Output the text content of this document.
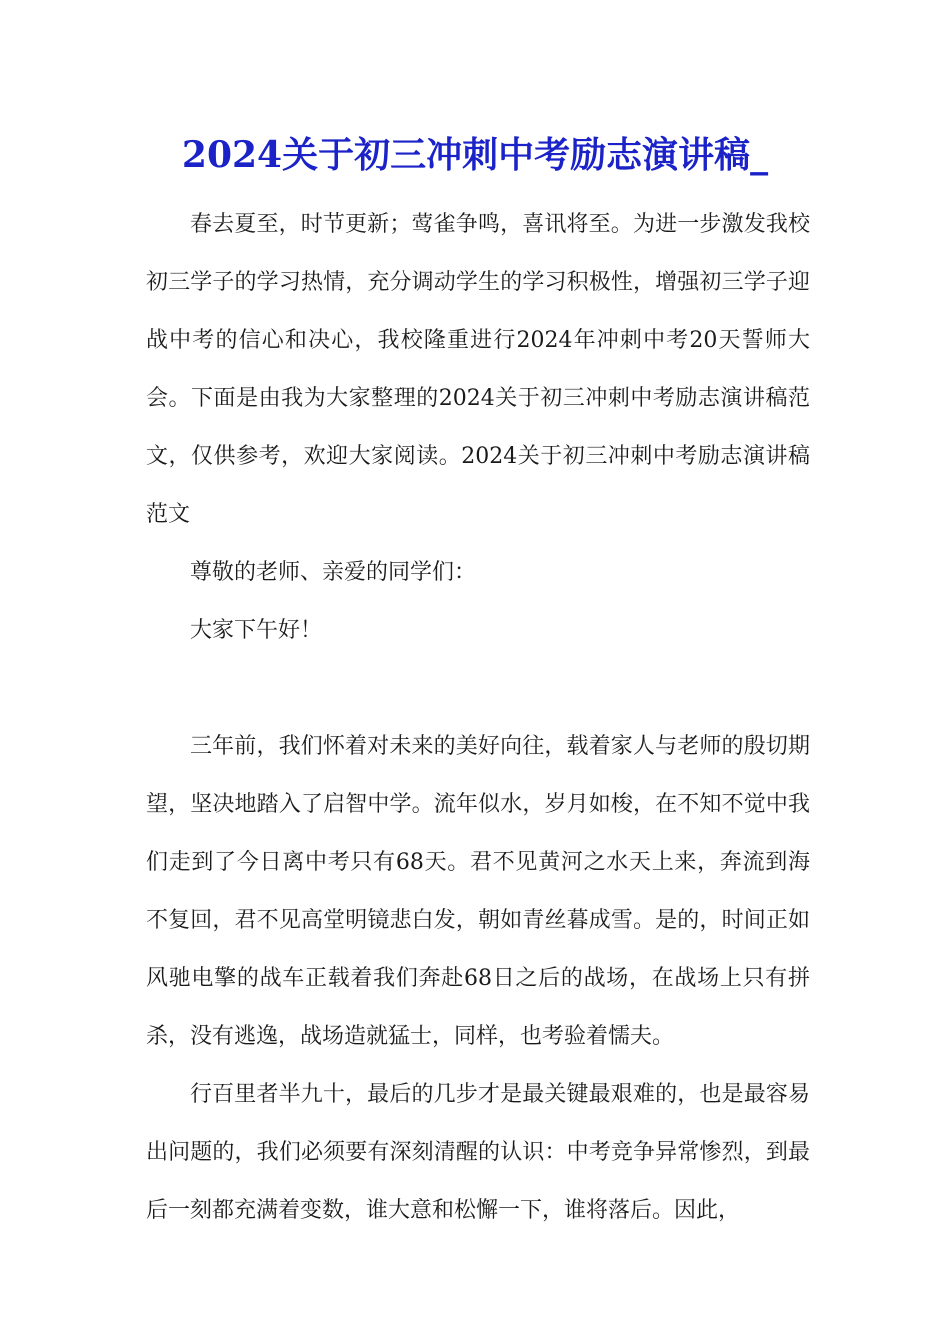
2024关于初三冲刺中考励志演讲稿_

春去夏至，时节更新；莺雀争鸣，喜讯将至。为进一步激发我校初三学子的学习热情，充分调动学生的学习积极性，增强初三学子迎战中考的信心和决心，我校隆重进行2024年冲刺中考20天誓师大会。下面是由我为大家整理的2024关于初三冲刺中考励志演讲稿范文，仅供参考，欢迎大家阅读。2024关于初三冲刺中考励志演讲稿范文

尊敬的老师、亲爱的同学们：

大家下午好！

三年前，我们怀着对未来的美好向往，载着家人与老师的殷切期望，坚决地踏入了启智中学。流年似水，岁月如梭，在不知不觉中我们走到了今日离中考只有68天。君不见黄河之水天上来，奔流到海不复回，君不见高堂明镜悲白发，朝如青丝暮成雪。是的，时间正如风驰电擎的战车正载着我们奔赴68日之后的战场，在战场上只有拼杀，没有逃逸，战场造就猛士，同样，也考验着懦夫。

行百里者半九十，最后的几步才是最关键最艰难的，也是最容易出问题的，我们必须要有深刻清醒的认识：中考竞争异常惨烈，到最后一刻都充满着变数，谁大意和松懈一下，谁将落后。因此，
